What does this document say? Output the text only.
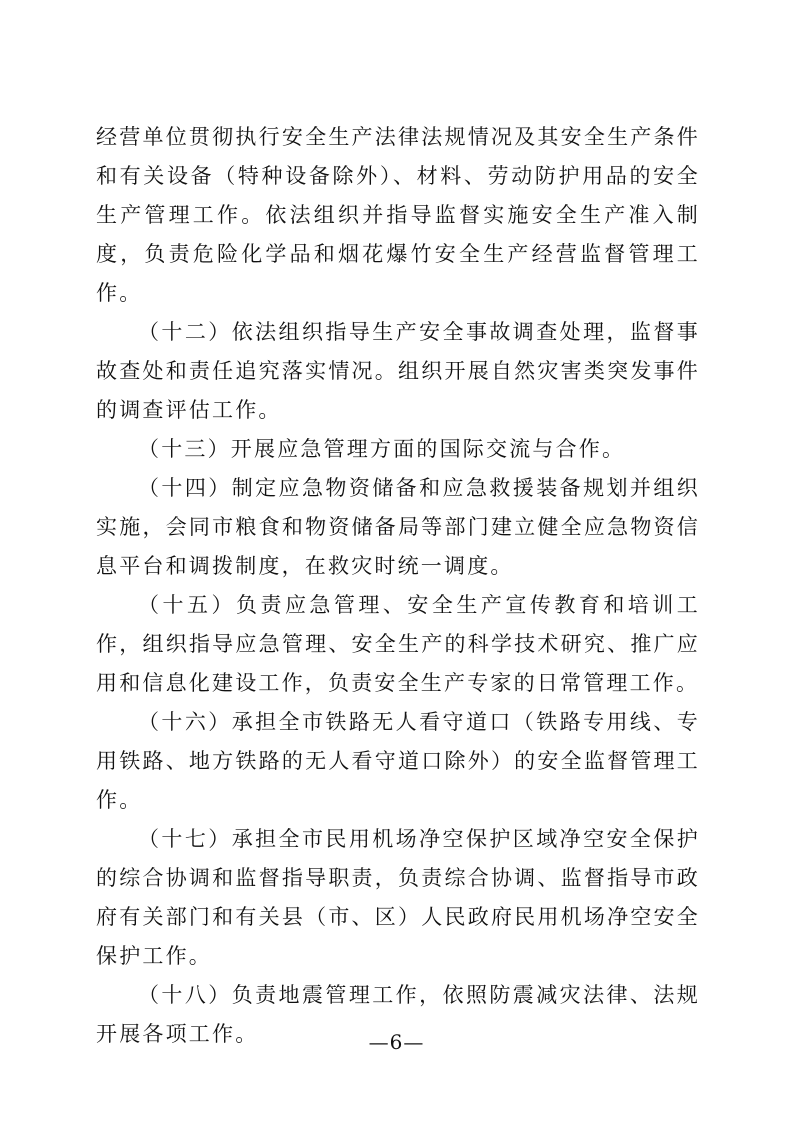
经营单位贯彻执行安全生产法律法规情况及其安全生产条件和有关设备（特种设备除外）、材料、劳动防护用品的安全生产管理工作。依法组织并指导监督实施安全生产准入制度，负责危险化学品和烟花爆竹安全生产经营监督管理工作。

（十二）依法组织指导生产安全事故调查处理，监督事故查处和责任追究落实情况。组织开展自然灾害类突发事件的调查评估工作。

（十三）开展应急管理方面的国际交流与合作。

（十四）制定应急物资储备和应急救援装备规划并组织实施，会同市粮食和物资储备局等部门建立健全应急物资信息平台和调拨制度，在救灾时统一调度。

（十五）负责应急管理、安全生产宣传教育和培训工作，组织指导应急管理、安全生产的科学技术研究、推广应用和信息化建设工作，负责安全生产专家的日常管理工作。

（十六）承担全市铁路无人看守道口（铁路专用线、专用铁路、地方铁路的无人看守道口除外）的安全监督管理工作。

（十七）承担全市民用机场净空保护区域净空安全保护的综合协调和监督指导职责，负责综合协调、监督指导市政府有关部门和有关县（市、区）人民政府民用机场净空安全保护工作。

（十八）负责地震管理工作，依照防震减灾法律、法规开展各项工作。	—6—
